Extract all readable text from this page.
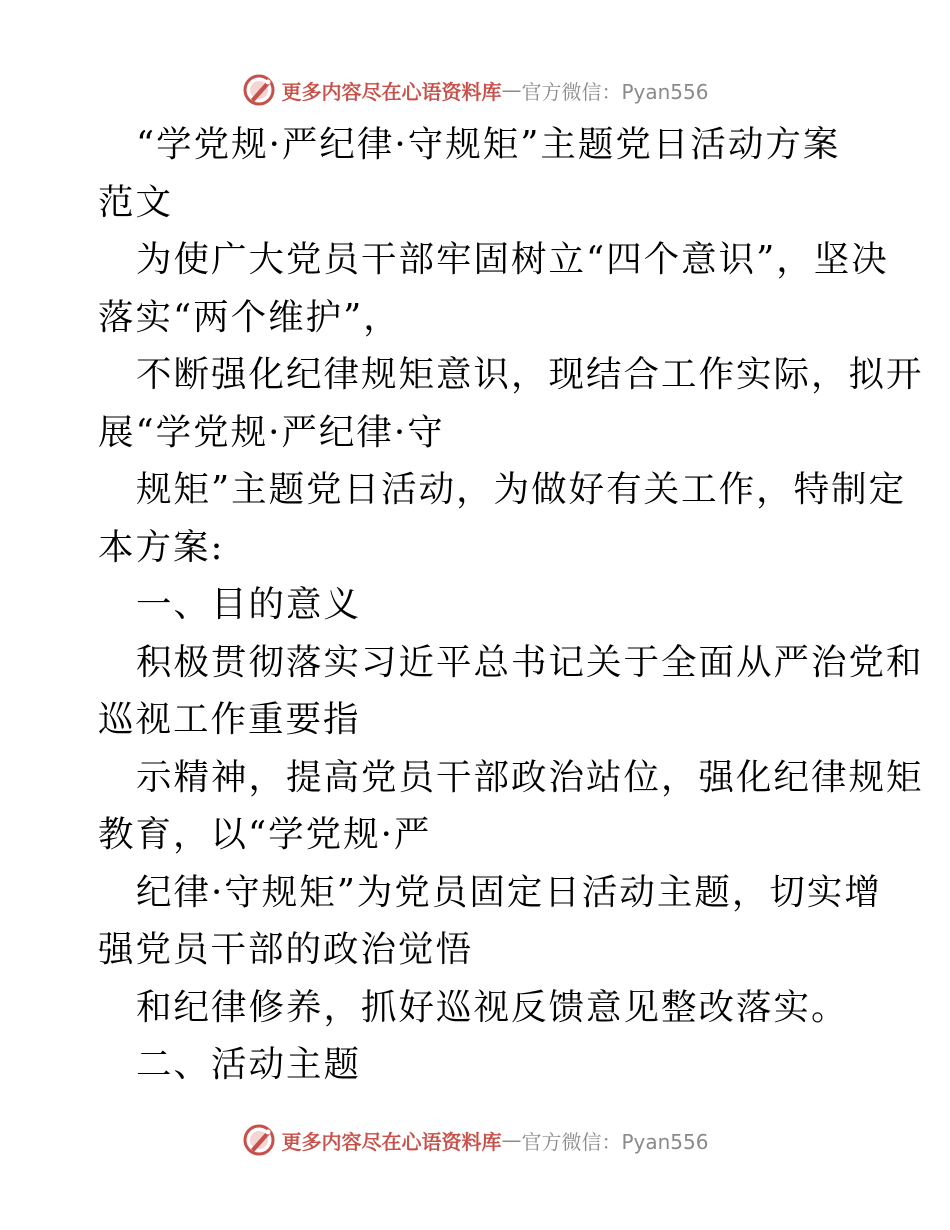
更多内容尽在心语资料库 — 官方微信：Pyan556
“学党规·严纪律·守规矩”主题党日活动方案
范文
为使广大党员干部牢固树立“四个意识”，坚决
落实“两个维护”，
不断强化纪律规矩意识，现结合工作实际，拟开
展“学党规·严纪律·守
规矩”主题党日活动，为做好有关工作，特制定
本方案:
一、目的意义
积极贯彻落实习近平总书记关于全面从严治党和
巡视工作重要指
示精神，提高党员干部政治站位，强化纪律规矩
教育，以“学党规·严
纪律·守规矩”为党员固定日活动主题，切实增
强党员干部的政治觉悟
和纪律修养，抓好巡视反馈意见整改落实。
二、活动主题
更多内容尽在心语资料库 — 官方微信：Pyan556
